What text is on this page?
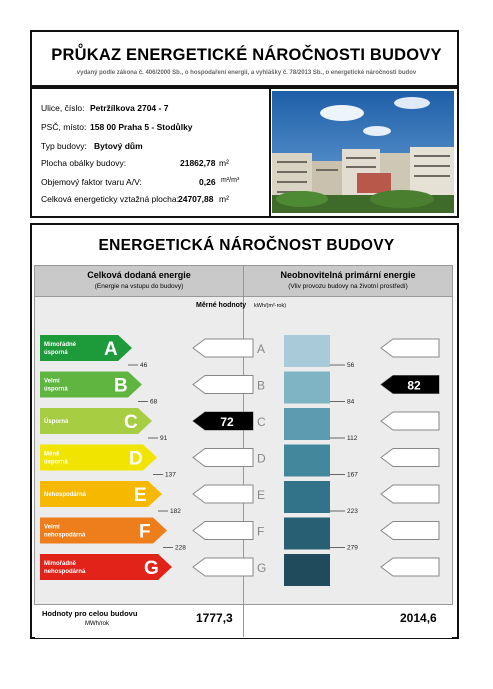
PRŮKAZ ENERGETICKÉ NÁROČNOSTI BUDOVY
vydaný podle zákona č. 406/2000 Sb., o hospodaření energií, a vyhlášky č. 78/2013 Sb., o energetické náročnosti budov
Ulice, číslo: Petržílkova 2704 - 7
PSČ, místo: 158 00 Praha 5 - Stodůlky
Typ budovy: Bytový dům
Plocha obálky budovy:	21862,78 m²
Objemový faktor tvaru A/V:	0,26 m²/m³
Celková energeticky vztažná plocha: 24707,88 m²
ENERGETICKÁ NÁROČNOST BUDOVY
Celková dodaná energie
(Energie na vstupu do budovy)
Neobnovitelná primární energie
(Vliv provozu budovy na životní prostředí)
Měrné hodnoty kWh/(m²·rok)
Mimořádně
úsporná A	A
Velmi
úsporná B	B
Úsporná	C	C
Méně
úsporná	D	D
Nehospodárná	E	E
Velmi
nehospodárná	F	F
Mimořádně
nehospodárná	G	G
46
68
91
137
182
228
56
84
112
167
223
279
72
82
Hodnoty pro celou budovu
MWh/rok	1777,3	2014,6
